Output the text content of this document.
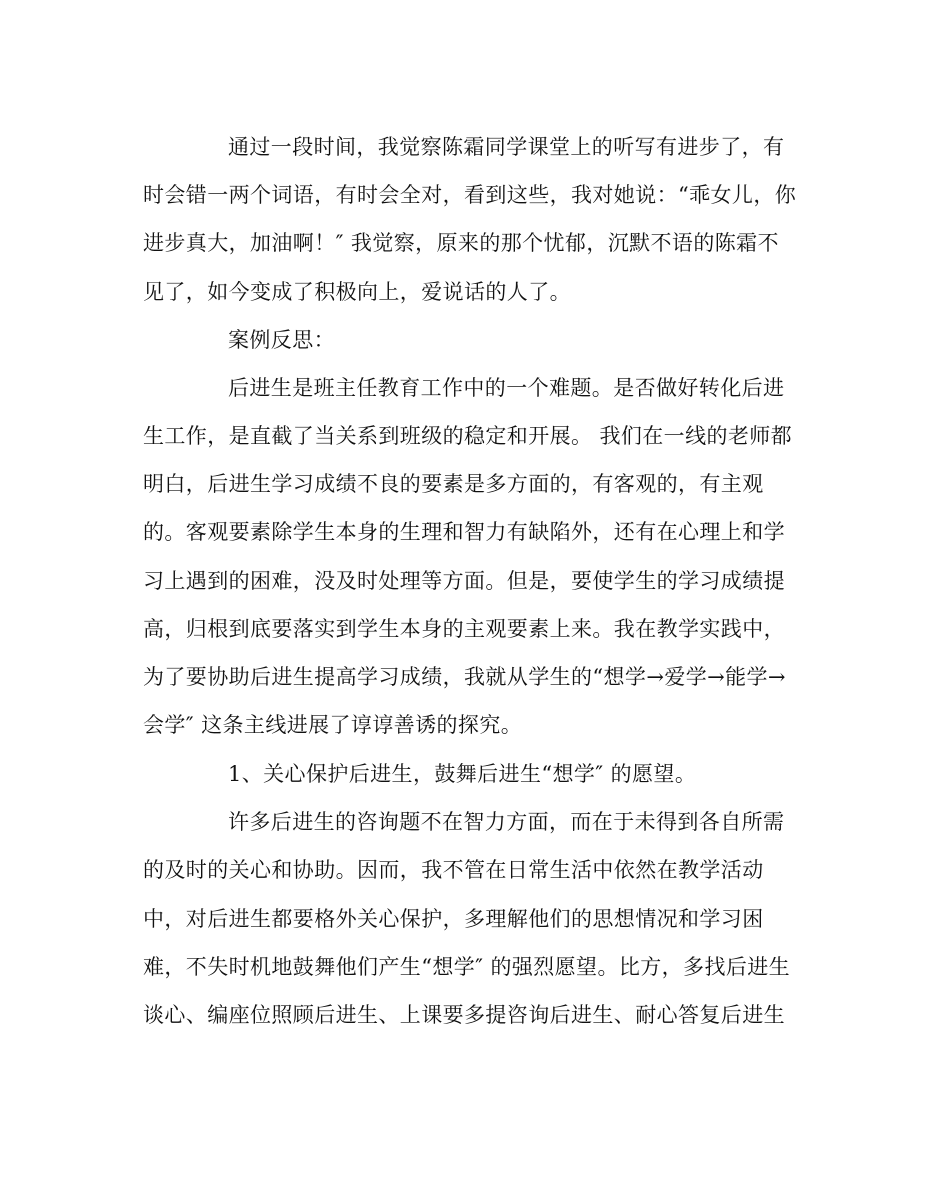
通过一段时间，我觉察陈霜同学课堂上的听写有进步了，有

时会错一两个词语，有时会全对，看到这些，我对她说：“乖女儿，你

进步真大，加油啊！″ 我觉察，原来的那个忧郁，沉默不语的陈霜不

见了，如今变成了积极向上，爱说话的人了。

案例反思：

后进生是班主任教育工作中的一个难题。是否做好转化后进

生工作，是直截了当关系到班级的稳定和开展。 我们在一线的老师都

明白，后进生学习成绩不良的要素是多方面的，有客观的，有主观

的。客观要素除学生本身的生理和智力有缺陷外，还有在心理上和学

习上遇到的困难，没及时处理等方面。但是，要使学生的学习成绩提

高，归根到底要落实到学生本身的主观要素上来。我在教学实践中，

为了要协助后进生提高学习成绩，我就从学生的“想学→爱学→能学→

会学″ 这条主线进展了谆谆善诱的探究。

1、关心保护后进生，鼓舞后进生“想学″ 的愿望。

许多后进生的咨询题不在智力方面，而在于未得到各自所需

的及时的关心和协助。因而，我不管在日常生活中依然在教学活动

中，对后进生都要格外关心保护，多理解他们的思想情况和学习困

难，不失时机地鼓舞他们产生“想学″ 的强烈愿望。比方，多找后进生

谈心、编座位照顾后进生、上课要多提咨询后进生、耐心答复后进生
